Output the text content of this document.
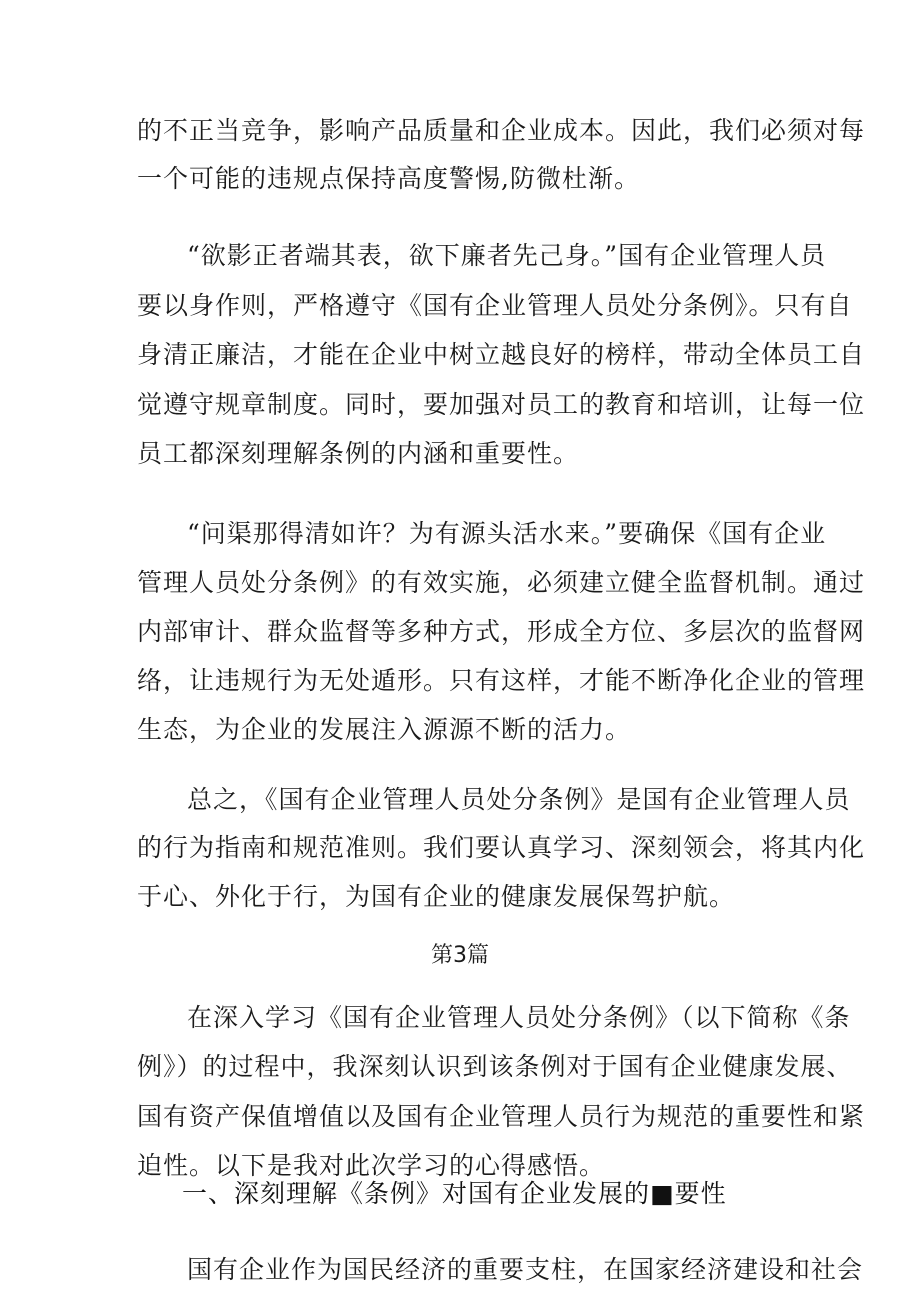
的不正当竞争，影响产品质量和企业成本。因此，我们必须对每

一个可能的违规点保持高度警惕,防微杜渐。

“欲影正者端其表，欲下廉者先己身。”国有企业管理人员

要以身作则，严格遵守《国有企业管理人员处分条例》。只有自

身清正廉洁，才能在企业中树立越良好的榜样，带动全体员工自

觉遵守规章制度。同时，要加强对员工的教育和培训，让每一位

员工都深刻理解条例的内涵和重要性。

“问渠那得清如许？为有源头活水来。”要确保《国有企业

管理人员处分条例》的有效实施，必须建立健全监督机制。通过

内部审计、群众监督等多种方式，形成全方位、多层次的监督网

络，让违规行为无处遁形。只有这样，才能不断净化企业的管理

生态，为企业的发展注入源源不断的活力。

总之，《国有企业管理人员处分条例》是国有企业管理人员

的行为指南和规范准则。我们要认真学习、深刻领会，将其内化

于心、外化于行，为国有企业的健康发展保驾护航。

第3篇

在深入学习《国有企业管理人员处分条例》（以下简称《条

例》）的过程中，我深刻认识到该条例对于国有企业健康发展、

国有资产保值增值以及国有企业管理人员行为规范的重要性和紧

迫性。以下是我对此次学习的心得感悟。

一、深刻理解《条例》对国有企业发展的■要性

国有企业作为国民经济的重要支柱，在国家经济建设和社会
